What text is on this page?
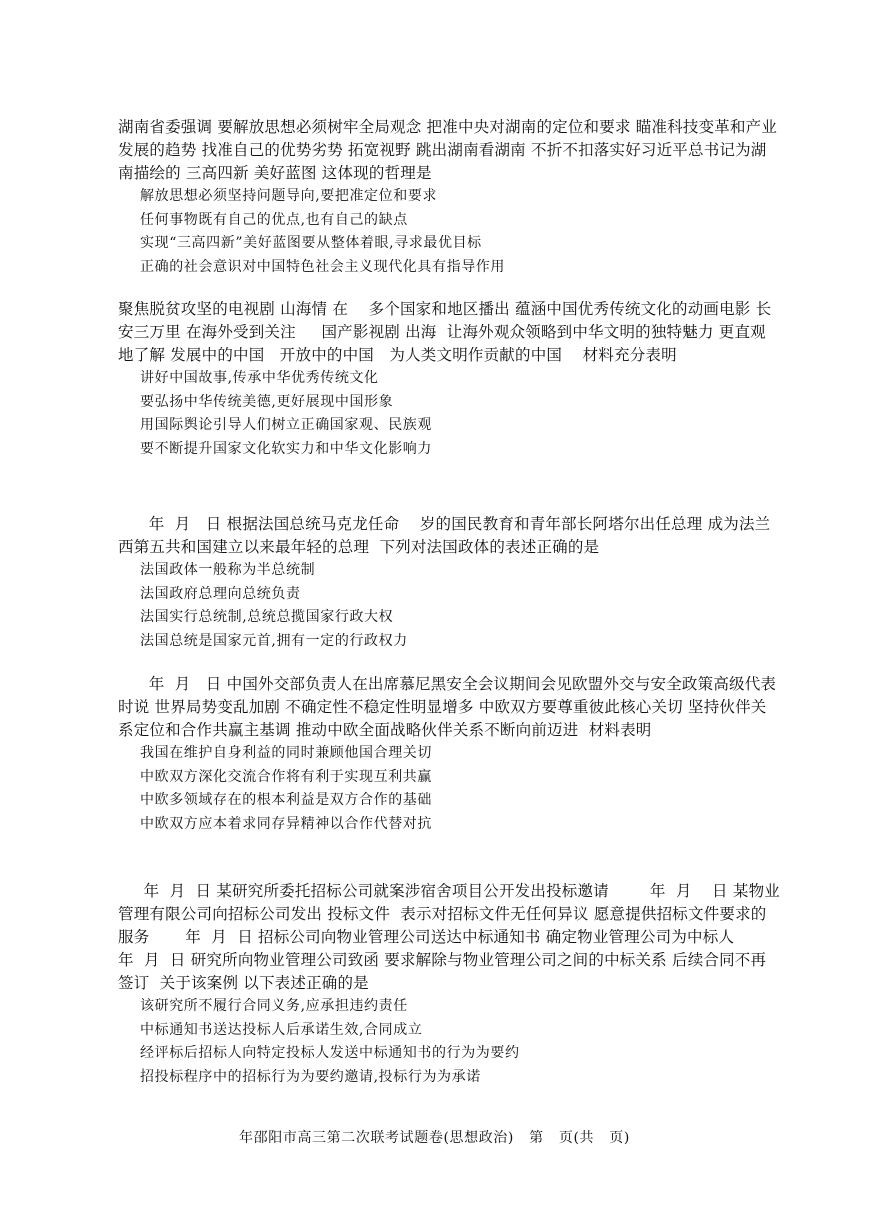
湖南省委强调 要解放思想必须树牢全局观念 把准中央对湖南的定位和要求 瞄准科技变革和产业发展的趋势 找准自己的优势劣势 拓宽视野 跳出湖南看湖南 不折不扣落实好习近平总书记为湖南描绘的 三高四新 美好蓝图 这体现的哲理是

解放思想必须坚持问题导向,要把准定位和要求

任何事物既有自己的优点,也有自己的缺点

实现“三高四新”美好蓝图要从整体着眼,寻求最优目标

正确的社会意识对中国特色社会主义现代化具有指导作用

聚焦脱贫攻坚的电视剧 山海情 在    多个国家和地区播出 蕴涵中国优秀传统文化的动画电影 长安三万里 在海外受到关注     国产影视剧 出海  让海外观众领略到中华文明的独特魅力 更直观地了解 发展中的中国   开放中的中国   为人类文明作贡献的中国    材料充分表明

讲好中国故事,传承中华优秀传统文化

要弘扬中华传统美德,更好展现中国形象

用国际舆论引导人们树立正确国家观、民族观

要不断提升国家文化软实力和中华文化影响力

年  月   日 根据法国总统马克龙任命    岁的国民教育和青年部长阿塔尔出任总理 成为法兰西第五共和国建立以来最年轻的总理  下列对法国政体的表述正确的是

法国政体一般称为半总统制

法国政府总理向总统负责

法国实行总统制,总统总揽国家行政大权

法国总统是国家元首,拥有一定的行政权力

年  月   日 中国外交部负责人在出席慕尼黑安全会议期间会见欧盟外交与安全政策高级代表时说 世界局势变乱加剧 不确定性不稳定性明显增多 中欧双方要尊重彼此核心关切 坚持伙伴关系定位和合作共赢主基调 推动中欧全面战略伙伴关系不断向前迈进  材料表明

我国在维护自身利益的同时兼顾他国合理关切

中欧双方深化交流合作将有利于实现互利共赢

中欧多领域存在的根本利益是双方合作的基础

中欧双方应本着求同存异精神以合作代替对抗

年  月  日 某研究所委托招标公司就案涉宿舍项目公开发出投标邀请        年  月    日 某物业管理有限公司向招标公司发出 投标文件  表示对招标文件无任何异议 愿意提供招标文件要求的服务       年  月  日 招标公司向物业管理公司送达中标通知书 确定物业管理公司为中标人       年  月  日 研究所向物业管理公司致函 要求解除与物业管理公司之间的中标关系 后续合同不再签订  关于该案例 以下表述正确的是

该研究所不履行合同义务,应承担违约责任

中标通知书送达投标人后承诺生效,合同成立

经评标后招标人向特定投标人发送中标通知书的行为为要约

招投标程序中的招标行为为要约邀请,投标行为为承诺

年邵阳市高三第二次联考试题卷(思想政治)   第   页(共   页)
